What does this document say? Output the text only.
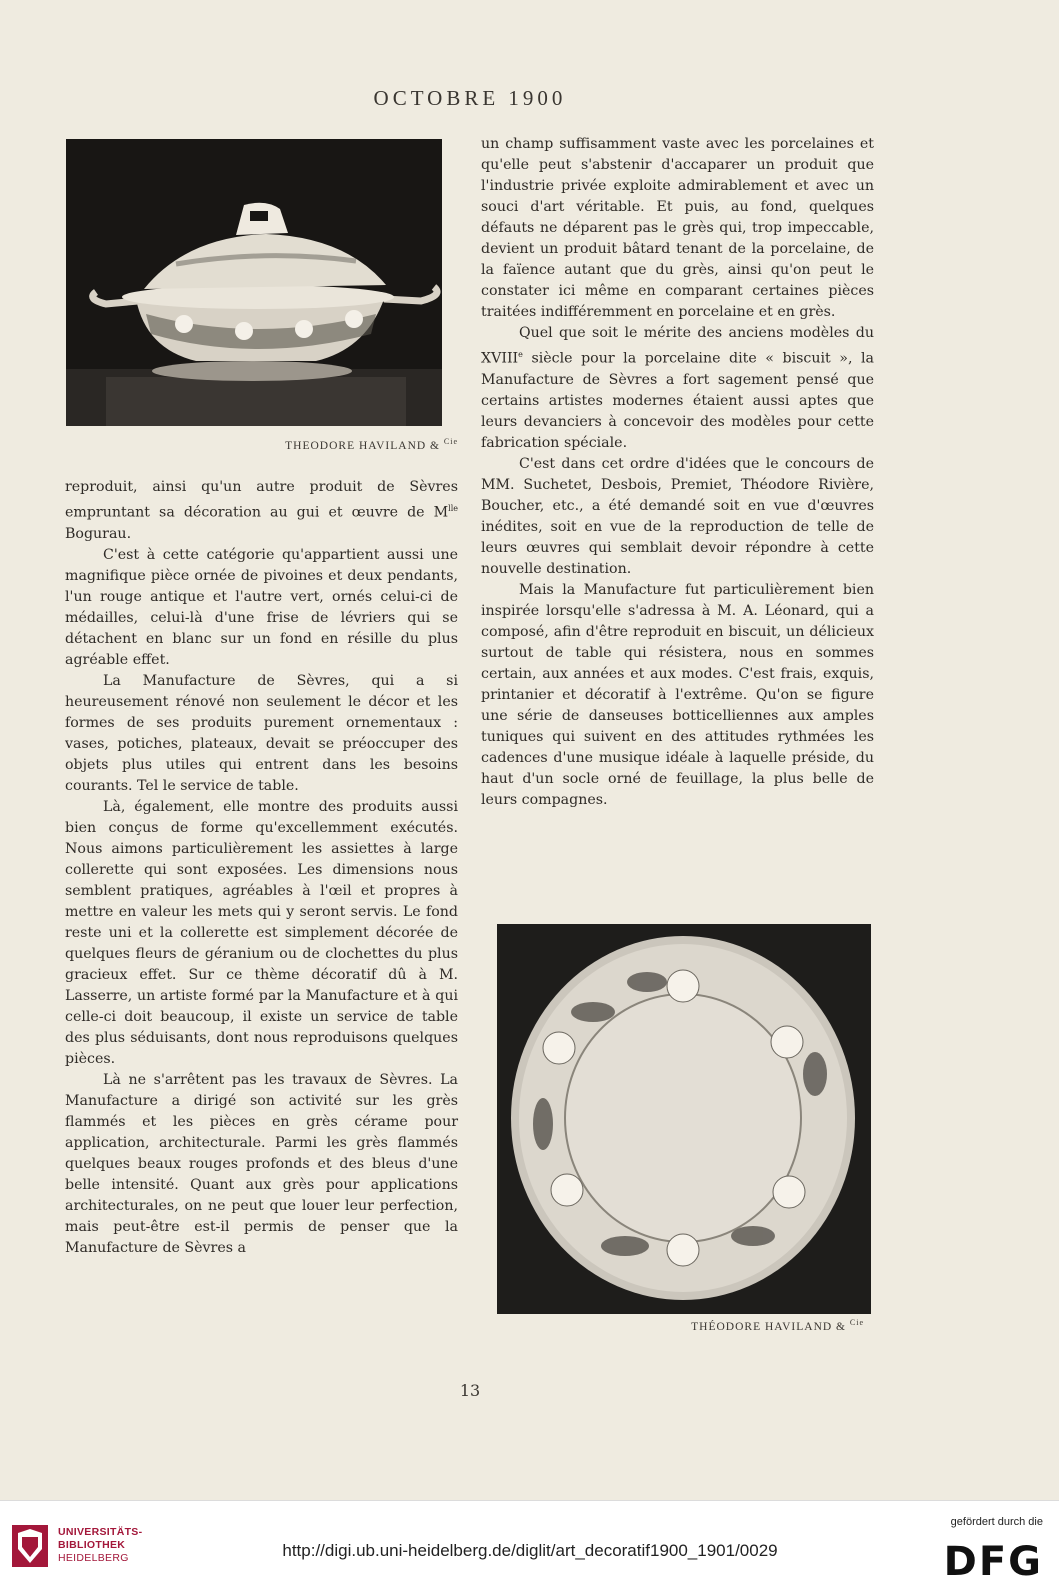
OCTOBRE 1900
THEODORE HAVILAND & $^{Cie}$
THÉODORE HAVILAND & $^{Cie}$

reproduit, ainsi qu'un autre produit de Sèvres empruntant sa décoration au gui et œuvre de $M^{lle}$ Bogurau.

C'est à cette catégorie qu'appartient aussi une magnifique pièce ornée de pivoines et deux pendants, l'un rouge antique et l'autre vert, ornés celui-ci de médailles, celui-là d'une frise de lévriers qui se détachent en blanc sur un fond en résille du plus agréable effet.

La Manufacture de Sèvres, qui a si heureusement rénové non seulement le décor et les formes de ses produits purement ornementaux : vases, potiches, plateaux, devait se préoccuper des objets plus utiles qui entrent dans les besoins courants. Tel le service de table.

Là, également, elle montre des produits aussi bien conçus de forme qu'excellemment exécutés. Nous aimons particulièrement les assiettes à large collerette qui sont exposées. Les dimensions nous semblent pratiques, agréables à l'œil et propres à mettre en valeur les mets qui y seront servis. Le fond reste uni et la collerette est simplement décorée de quelques fleurs de géranium ou de clochettes du plus gracieux effet. Sur ce thème décoratif dû à M. Lasserre, un artiste formé par la Manufacture et à qui celle-ci doit beaucoup, il existe un service de table des plus séduisants, dont nous reproduisons quelques pièces.

Là ne s'arrêtent pas les travaux de Sèvres. La Manufacture a dirigé son activité sur les grès flammés et les pièces en grès cérame pour application, architecturale. Parmi les grès flammés quelques beaux rouges profonds et des bleus d'une belle intensité. Quant aux grès pour applications architecturales, on ne peut que louer leur perfection, mais peut-être est-il permis de penser que la Manufacture de Sèvres a

un champ suffisamment vaste avec les porcelaines et qu'elle peut s'abstenir d'accaparer un produit que l'industrie privée exploite admirablement et avec un souci d'art véritable. Et puis, au fond, quelques défauts ne déparent pas le grès qui, trop impeccable, devient un produit bâtard tenant de la porcelaine, de la faïence autant que du grès, ainsi qu'on peut le constater ici même en comparant certaines pièces traitées indifféremment en porcelaine et en grès.

Quel que soit le mérite des anciens modèles du XVIIIe siècle pour la porcelaine dite « biscuit », la Manufacture de Sèvres a fort sagement pensé que certains artistes modernes étaient aussi aptes que leurs devanciers à concevoir des modèles pour cette fabrication spéciale.

C'est dans cet ordre d'idées que le concours de MM. Suchetet, Desbois, Premiet, Théodore Rivière, Boucher, etc., a été demandé soit en vue d'œuvres inédites, soit en vue de la reproduction de telle de leurs œuvres qui semblait devoir répondre à cette nouvelle destination.

Mais la Manufacture fut particulièrement bien inspirée lorsqu'elle s'adressa à M. A. Léonard, qui a composé, afin d'être reproduit en biscuit, un délicieux surtout de table qui résistera, nous en sommes certain, aux années et aux modes. C'est frais, exquis, printanier et décoratif à l'extrême. Qu'on se figure une série de danseuses botticelliennes aux amples tuniques qui suivent en des attitudes rythmées les cadences d'une musique idéale à laquelle préside, du haut d'un socle orné de feuillage, la plus belle de leurs compagnes.

13
UNIVERSITÄTS-
BIBLIOTHEK
HEIDELBERG	http://digi.ub.uni-heidelberg.de/diglit/art_decoratif1900_1901/0029
gefördert durch die
DFG
